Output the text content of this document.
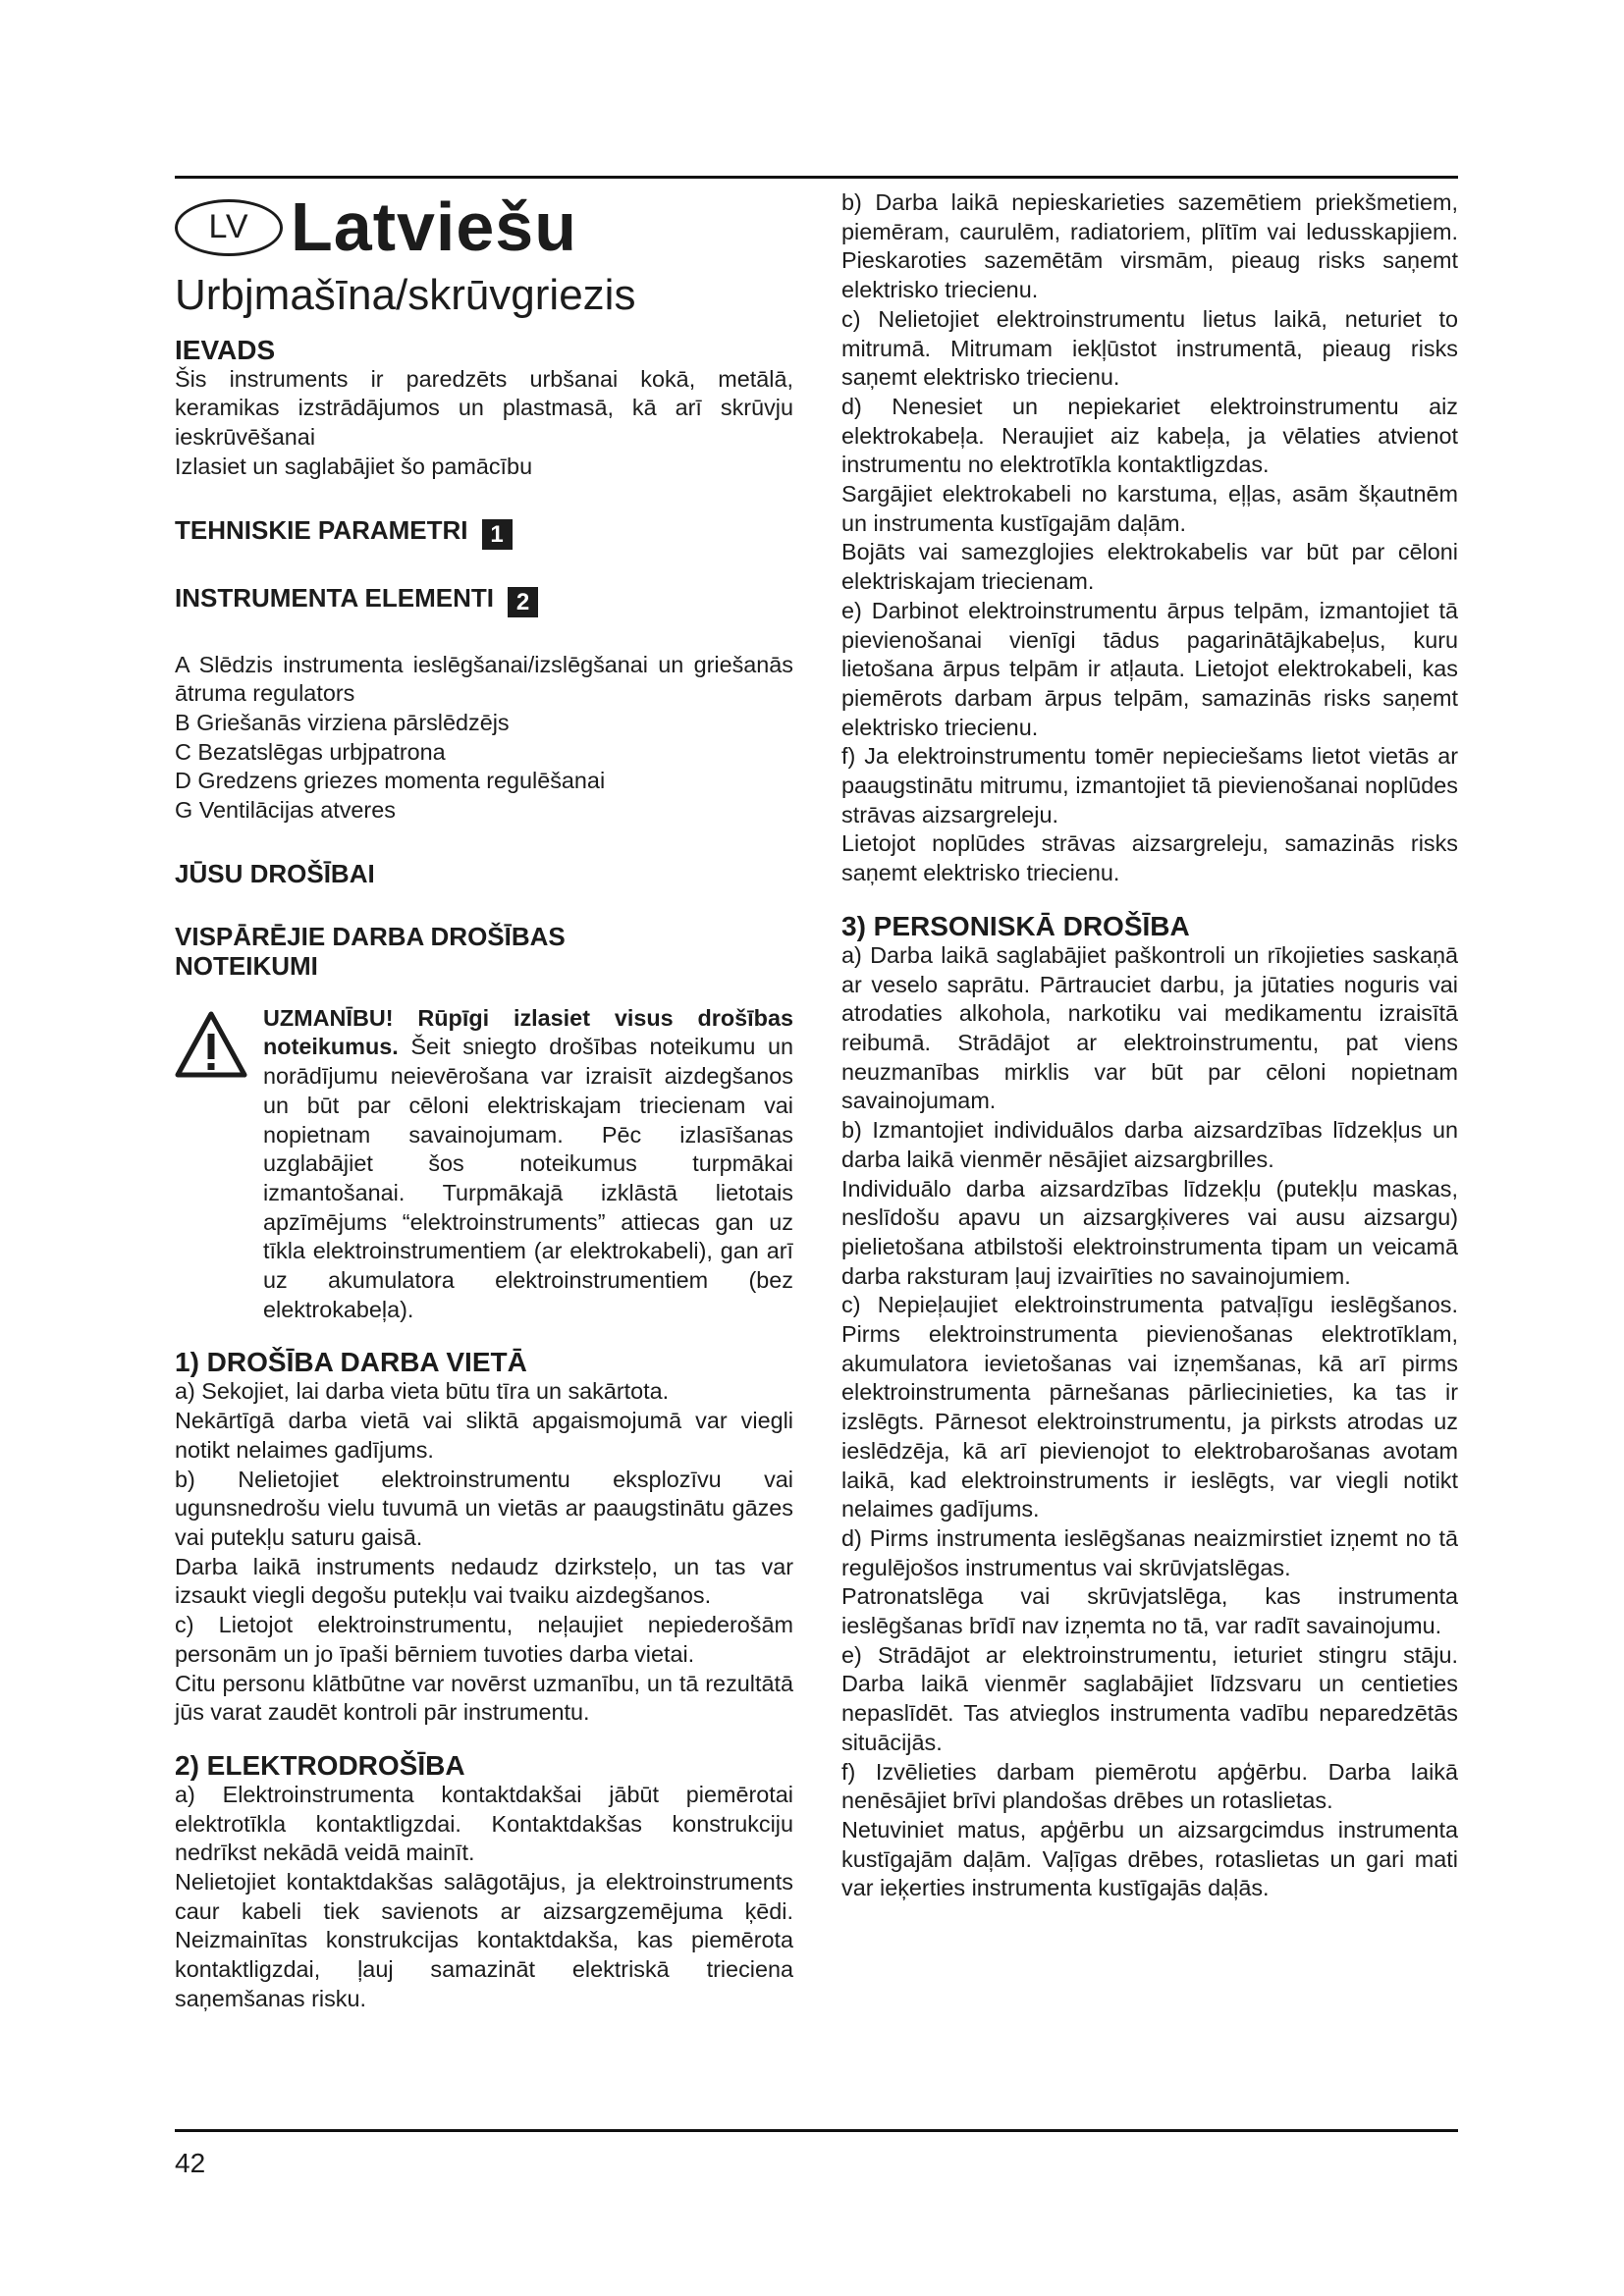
LV Latviešu
Urbjmašīna/skrūvgriezis
IEVADS

Šis instruments ir paredzēts urbšanai kokā, metālā, keramikas izstrādājumos un plastmasā, kā arī skrūvju ieskrūvēšanai

Izlasiet un saglabājiet šo pamācību

TEHNISKIE PARAMETRI 1
INSTRUMENTA ELEMENTI 2

A Slēdzis instrumenta ieslēgšanai/izslēgšanai un griešanās ātruma regulators

B Griešanās virziena pārslēdzējs

C Bezatslēgas urbjpatrona

D Gredzens griezes momenta regulēšanai

G Ventilācijas atveres

JŪSU DROŠĪBAI
VISPĀRĒJIE DARBA DROŠĪBAS NOTEIKUMI
UZMANĪBU! Rūpīgi izlasiet visus drošības noteikumus. Šeit sniegto drošības noteikumu un norādījumu neievērošana var izraisīt aizdegšanos un būt par cēloni elektriskajam triecienam vai nopietnam savainojumam. Pēc izlasīšanas uzglabājiet šos noteikumus turpmākai izmantošanai. Turpmākajā izklāstā lietotais apzīmējums “elektroinstruments” attiecas gan uz tīkla elektroinstrumentiem (ar elektrokabeli), gan arī uz akumulatora elektroinstrumentiem (bez elektrokabeļa).
1) DROŠĪBA DARBA VIETĀ

a) Sekojiet, lai darba vieta būtu tīra un sakārtota.

Nekārtīgā darba vietā vai sliktā apgaismojumā var viegli notikt nelaimes gadījums.

b) Nelietojiet elektroinstrumentu eksplozīvu vai ugunsnedrošu vielu tuvumā un vietās ar paaugstinātu gāzes vai putekļu saturu gaisā.

Darba laikā instruments nedaudz dzirksteļo, un tas var izsaukt viegli degošu putekļu vai tvaiku aizdegšanos.

c) Lietojot elektroinstrumentu, neļaujiet nepiederošām personām un jo īpaši bērniem tuvoties darba vietai.

Citu personu klātbūtne var novērst uzmanību, un tā rezultātā jūs varat zaudēt kontroli pār instrumentu.

2) ELEKTRODROŠĪBA

a) Elektroinstrumenta kontaktdakšai jābūt piemērotai elektrotīkla kontaktligzdai. Kontaktdakšas konstrukciju nedrīkst nekādā veidā mainīt.

Nelietojiet kontaktdakšas salāgotājus, ja elektroinstruments caur kabeli tiek savienots ar aizsargzemējuma ķēdi. Neizmainītas konstrukcijas kontaktdakša, kas piemērota kontaktligzdai, ļauj samazināt elektriskā trieciena saņemšanas risku.

b) Darba laikā nepieskarieties sazemētiem priekšmetiem, piemēram, caurulēm, radiatoriem, plītīm vai ledusskapjiem. Pieskaroties sazemētām virsmām, pieaug risks saņemt elektrisko triecienu.

c) Nelietojiet elektroinstrumentu lietus laikā, neturiet to mitrumā. Mitrumam iekļūstot instrumentā, pieaug risks saņemt elektrisko triecienu.

d) Nenesiet un nepiekariet elektroinstrumentu aiz elektrokabeļa. Neraujiet aiz kabeļa, ja vēlaties atvienot instrumentu no elektrotīkla kontaktligzdas.

Sargājiet elektrokabeli no karstuma, eļļas, asām šķautnēm un instrumenta kustīgajām daļām.

Bojāts vai samezglojies elektrokabelis var būt par cēloni elektriskajam triecienam.

e) Darbinot elektroinstrumentu ārpus telpām, izmantojiet tā pievienošanai vienīgi tādus pagarinātājkabeļus, kuru lietošana ārpus telpām ir atļauta. Lietojot elektrokabeli, kas piemērots darbam ārpus telpām, samazinās risks saņemt elektrisko triecienu.

f) Ja elektroinstrumentu tomēr nepieciešams lietot vietās ar paaugstinātu mitrumu, izmantojiet tā pievienošanai noplūdes strāvas aizsargreleju.

Lietojot noplūdes strāvas aizsargreleju, samazinās risks saņemt elektrisko triecienu.

3) PERSONISKĀ DROŠĪBA

a) Darba laikā saglabājiet paškontroli un rīkojieties saskaņā ar veselo saprātu. Pārtrauciet darbu, ja jūtaties noguris vai atrodaties alkohola, narkotiku vai medikamentu izraisītā reibumā. Strādājot ar elektroinstrumentu, pat viens neuzmanības mirklis var būt par cēloni nopietnam savainojumam.

b) Izmantojiet individuālos darba aizsardzības līdzekļus un darba laikā vienmēr nēsājiet aizsargbrilles.

Individuālo darba aizsardzības līdzekļu (putekļu maskas, neslīdošu apavu un aizsargķiveres vai ausu aizsargu) pielietošana atbilstoši elektroinstrumenta tipam un veicamā darba raksturam ļauj izvairīties no savainojumiem.

c) Nepieļaujiet elektroinstrumenta patvaļīgu ieslēgšanos. Pirms elektroinstrumenta pievienošanas elektrotīklam, akumulatora ievietošanas vai izņemšanas, kā arī pirms elektroinstrumenta pārnešanas pārliecinieties, ka tas ir izslēgts. Pārnesot elektroinstrumentu, ja pirksts atrodas uz ieslēdzēja, kā arī pievienojot to elektrobarošanas avotam laikā, kad elektroinstruments ir ieslēgts, var viegli notikt nelaimes gadījums.

d) Pirms instrumenta ieslēgšanas neaizmirstiet izņemt no tā regulējošos instrumentus vai skrūvjatslēgas.

Patronatslēga vai skrūvjatslēga, kas instrumenta ieslēgšanas brīdī nav izņemta no tā, var radīt savainojumu.

e) Strādājot ar elektroinstrumentu, ieturiet stingru stāju. Darba laikā vienmēr saglabājiet līdzsvaru un centieties nepaslīdēt. Tas atvieglos instrumenta vadību neparedzētās situācijās.

f) Izvēlieties darbam piemērotu apģērbu. Darba laikā nenēsājiet brīvi plandošas drēbes un rotaslietas.

Netuviniet matus, apģērbu un aizsargcimdus instrumenta kustīgajām daļām. Vaļīgas drēbes, rotaslietas un gari mati var ieķerties instrumenta kustīgajās daļās.

42
